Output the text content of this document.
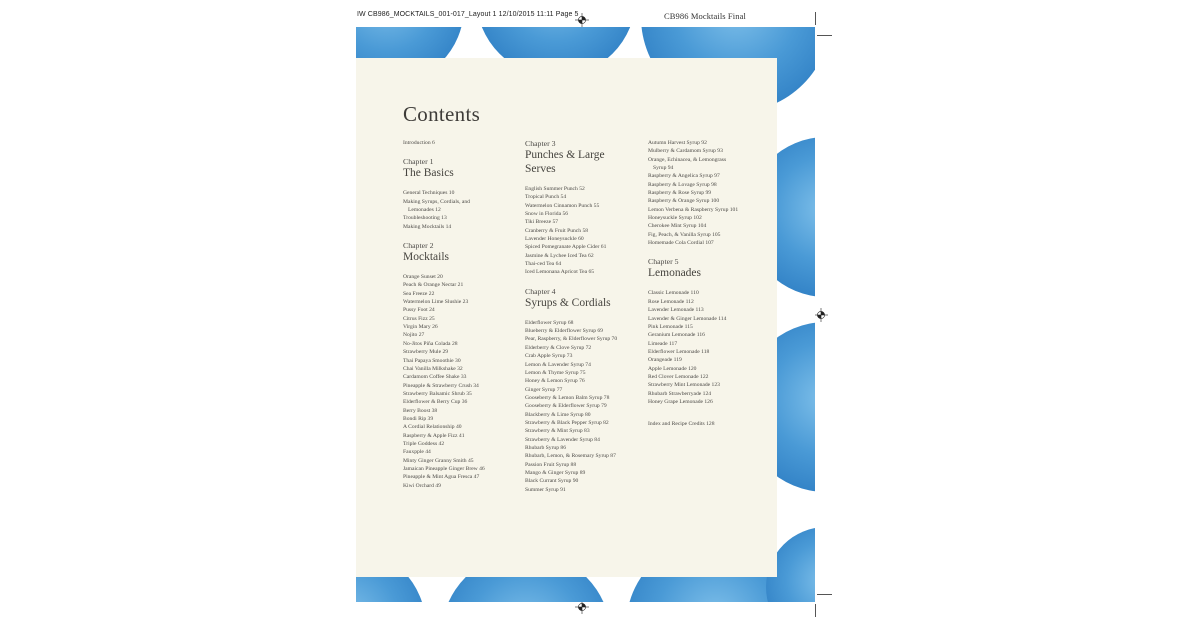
IW CB986_MOCKTAILS_001-017_Layout 1 12/10/2015 11:11 Page 5	CB986 Mocktails Final
Contents
Introduction 6
Chapter 1
The Basics
General Techniques 10
Making Syrups, Cordials, and
Lemonades 12
Troubleshooting 13
Making Mocktails 14
Chapter 2
Mocktails
Orange Sunset 20
Peach & Orange Nectar 21
Sea Freeze 22
Watermelon Lime Slushie 23
Pussy Foot 24
Citrus Fizz 25
Virgin Mary 26
Nojito 27
No-Jitos Piña Colada 28
Strawberry Mule 29
Thai Papaya Smoothie 30
Chai Vanilla Milkshake 32
Cardamom Coffee Shake 33
Pineapple & Strawberry Crush 34
Strawberry Balsamic Shrub 35
Elderflower & Berry Cup 36
Berry Boost 38
Bondi Rip 39
A Cordial Relationship 40
Raspberry & Apple Fizz 41
Triple Goddess 42
Fauxpple 44
Minty Ginger Granny Smith 45
Jamaican Pineapple Ginger Brew 46
Pineapple & Mint Agua Fresca 47
Kiwi Orchard 49
Chapter 3
Punches & Large
Serves
English Summer Punch 52
Tropical Punch 54
Watermelon Cinnamon Punch 55
Snow in Florida 56
Tiki Breeze 57
Cranberry & Fruit Punch 58
Lavender Honeysuckle 60
Spiced Pomegranate Apple Cider 61
Jasmine & Lychee Iced Tea 62
Thai-ced Tea 64
Iced Lemonana Apricot Tea 65
Chapter 4
Syrups & Cordials
Elderflower Syrup 68
Blueberry & Elderflower Syrup 69
Pear, Raspberry, & Elderflower Syrup 70
Elderberry & Clove Syrup 72
Crab Apple Syrup 73
Lemon & Lavender Syrup 74
Lemon & Thyme Syrup 75
Honey & Lemon Syrup 76
Ginger Syrup 77
Gooseberry & Lemon Balm Syrup 78
Gooseberry & Elderflower Syrup 79
Blackberry & Lime Syrup 80
Strawberry & Black Pepper Syrup 82
Strawberry & Mint Syrup 83
Strawberry & Lavender Syrup 84
Rhubarb Syrup 86
Rhubarb, Lemon, & Rosemary Syrup 87
Passion Fruit Syrup 88
Mango & Ginger Syrup 89
Black Currant Syrup 90
Summer Syrup 91
Autumn Harvest Syrup 92
Mulberry & Cardamom Syrup 93
Orange, Echinacea, & Lemongrass
Syrup 94
Raspberry & Angelica Syrup 97
Raspberry & Lovage Syrup 98
Raspberry & Rose Syrup 99
Raspberry & Orange Syrup 100
Lemon Verbena & Raspberry Syrup 101
Honeysuckle Syrup 102
Cherokee Mint Syrup 104
Fig, Peach, & Vanilla Syrup 105
Homemade Cola Cordial 107
Chapter 5
Lemonades
Classic Lemonade 110
Rose Lemonade 112
Lavender Lemonade 113
Lavender & Ginger Lemonade 114
Pink Lemonade 115
Geranium Lemonade 116
Limeade 117
Elderflower Lemonade 118
Orangeade 119
Apple Lemonade 120
Red Clover Lemonade 122
Strawberry Mint Lemonade 123
Rhubarb Strawberryade 124
Honey Grape Lemonade 126
Index and Recipe Credits 128
